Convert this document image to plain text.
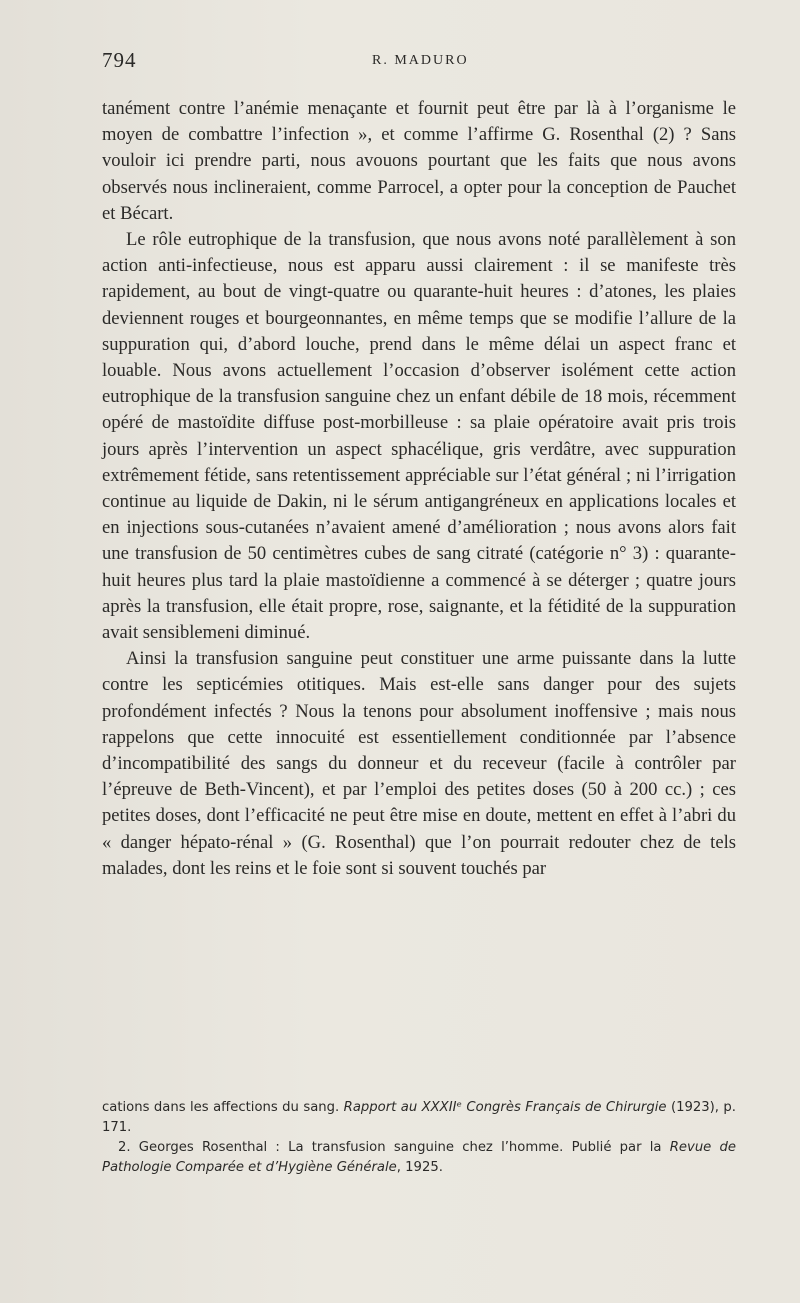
794	R. MADURO

tanément contre l’anémie menaçante et fournit peut être par là à l’organisme le moyen de combattre l’infection », et comme l’affirme G. Rosenthal (2) ? Sans vouloir ici prendre parti, nous avouons pourtant que les faits que nous avons observés nous inclineraient, comme Parrocel, a opter pour la conception de Pauchet et Bécart.

Le rôle eutrophique de la transfusion, que nous avons noté parallèlement à son action anti-infectieuse, nous est apparu aussi clairement : il se manifeste très rapidement, au bout de vingt-quatre ou quarante-huit heures : d’atones, les plaies deviennent rouges et bourgeonnantes, en même temps que se modifie l’allure de la suppuration qui, d’abord louche, prend dans le même délai un aspect franc et louable. Nous avons actuellement l’occasion d’observer isolément cette action eutrophique de la transfusion sanguine chez un enfant débile de 18 mois, récemment opéré de mastoïdite diffuse post-morbilleuse : sa plaie opératoire avait pris trois jours après l’intervention un aspect sphacélique, gris verdâtre, avec suppuration extrêmement fétide, sans retentissement appréciable sur l’état général ; ni l’irrigation continue au liquide de Dakin, ni le sérum antigangréneux en applications locales et en injections sous-cutanées n’avaient amené d’amélioration ; nous avons alors fait une transfusion de 50 centimètres cubes de sang citraté (catégorie n° 3) : quarante-huit heures plus tard la plaie mastoïdienne a commencé à se déterger ; quatre jours après la transfusion, elle était propre, rose, saignante, et la fétidité de la suppuration avait sensiblemeni diminué.

Ainsi la transfusion sanguine peut constituer une arme puissante dans la lutte contre les septicémies otitiques. Mais est-elle sans danger pour des sujets profondément infectés ? Nous la tenons pour absolument inoffensive ; mais nous rappelons que cette innocuité est essentiellement conditionnée par l’absence d’incompatibilité des sangs du donneur et du receveur (facile à contrôler par l’épreuve de Beth-Vincent), et par l’emploi des petites doses (50 à 200 cc.) ; ces petites doses, dont l’efficacité ne peut être mise en doute, mettent en effet à l’abri du « danger hépato-rénal » (G. Rosenthal) que l’on pourrait redouter chez de tels malades, dont les reins et le foie sont si souvent touchés par

cations dans les affections du sang. Rapport au XXXIIᵉ Congrès Français de Chirurgie (1923), p. 171.

2. Georges Rosenthal : La transfusion sanguine chez l’homme. Publié par la Revue de Pathologie Comparée et d’Hygiène Générale, 1925.
